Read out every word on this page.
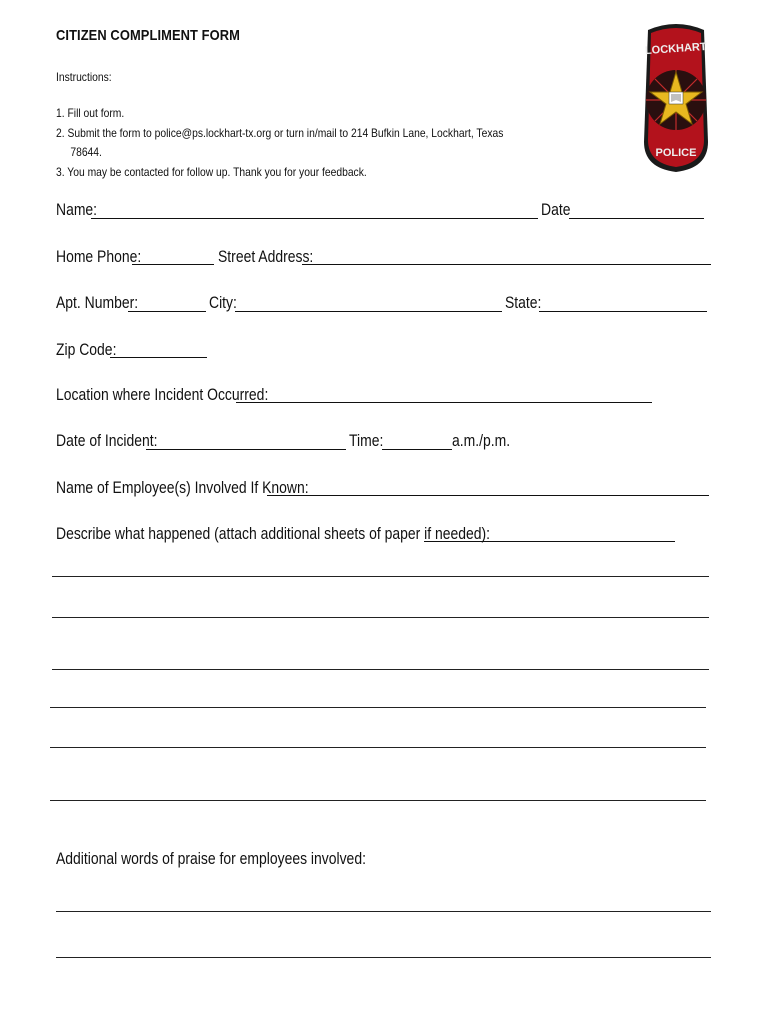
CITIZEN COMPLIMENT FORM
Instructions:
1. Fill out form.
2. Submit the form to police@ps.lockhart-tx.org or turn in/mail to 214 Bufkin Lane, Lockhart, Texas
78644.
3. You may be contacted for follow up. Thank you for your feedback.
LOCKHART
POLICE
Name:	Date
Home Phone:	Street Address:
Apt. Number:	City:	State:
Zip Code:
Location where Incident Occurred:
Date of Incident:	Time:	a.m./p.m.
Name of Employee(s) Involved If Known:
Describe what happened (attach additional sheets of paper if needed):
Additional words of praise for employees involved:
